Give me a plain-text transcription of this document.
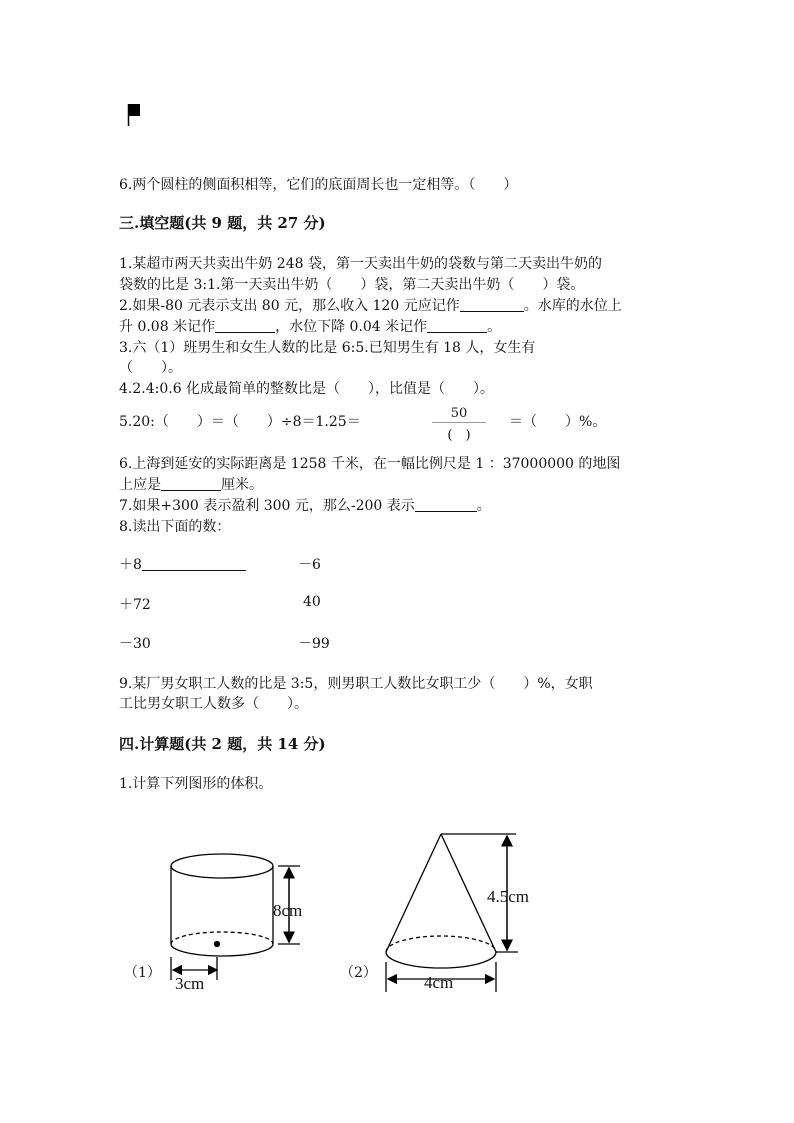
6.两个圆柱的侧面积相等，它们的底面周长也一定相等。（　　）
三.填空题(共 9 题，共 27 分)
1.某超市两天共卖出牛奶 248 袋，第一天卖出牛奶的袋数与第二天卖出牛奶的
袋数的比是 3:1.第一天卖出牛奶（　　）袋，第二天卖出牛奶（　　）袋。
2.如果-80 元表示支出 80 元，那么收入 120 元应记作	。水库的水位上
升 0.08 米记作	，水位下降 0.04 米记作	。
3.六（1）班男生和女生人数的比是 6:5.已知男生有 18 人，女生有
（　　）。
4.2.4:0.6 化成最简单的整数比是（　　），比值是（　　）。
5.20:（　　）＝（　　）÷8＝1.25＝
50
(　)
＝（　　）%。
6.上海到延安的实际距离是 1258 千米，在一幅比例尺是 1 ：37000000 的地图
上应是	厘米。
7.如果+300 表示盈利 300 元，那么-200 表示	。
8.读出下面的数：
＋8	－6
＋72	40
－30	－99
9.某厂男女职工人数的比是 3:5，则男职工人数比女职工少（　　）%，女职
工比男女职工人数多（　　）。
四.计算题(共 2 题，共 14 分)
1.计算下列图形的体积。
（1）
8cm
3cm
（2）
4.5cm
4cm
